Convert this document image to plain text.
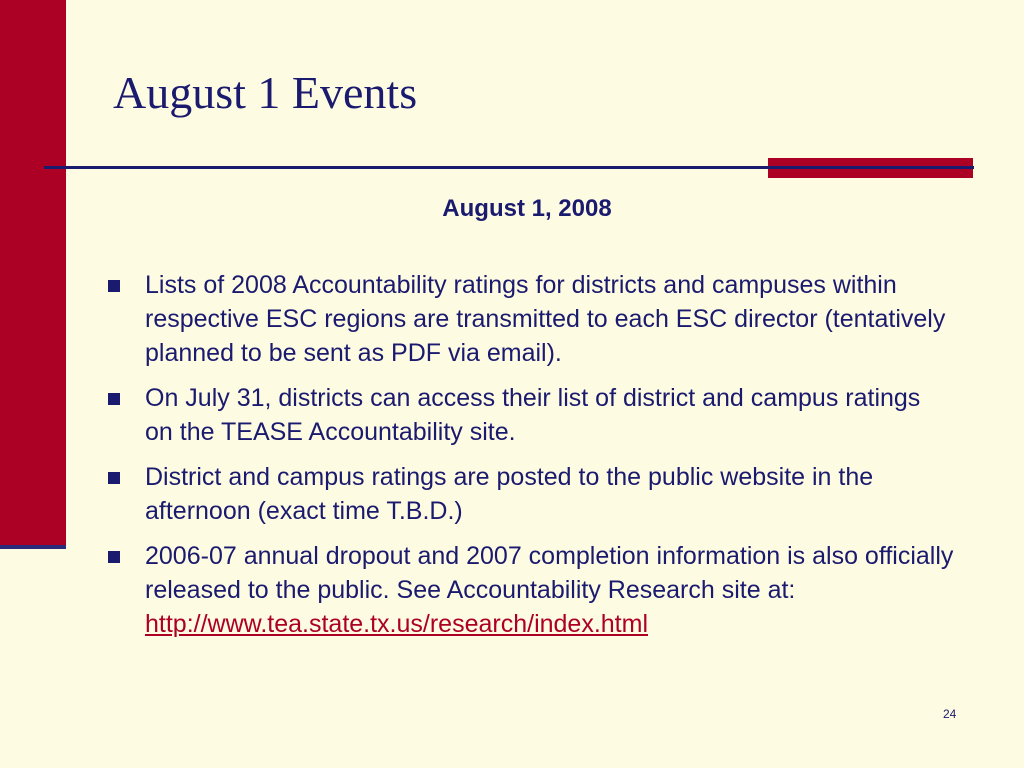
August 1 Events
August 1, 2008
Lists of 2008 Accountability ratings for districts and campuses within respective ESC regions are transmitted to each ESC director (tentatively planned to be sent as PDF via email).
On July 31, districts can access their list of district and campus ratings on the TEASE Accountability site.
District and campus ratings are posted to the public website in the afternoon (exact time T.B.D.)
2006-07 annual dropout and 2007 completion information is also officially released to the public. See Accountability Research site at:
http://www.tea.state.tx.us/research/index.html
24
